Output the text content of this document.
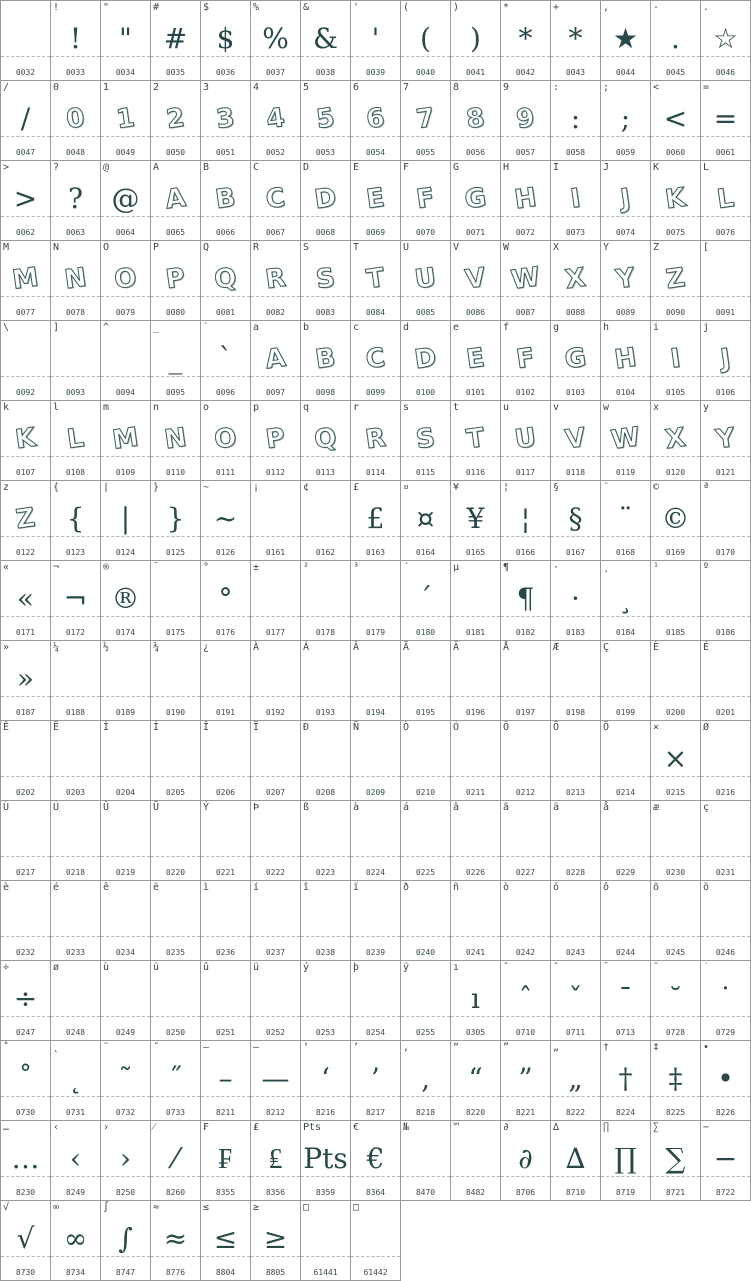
0032
!
!
0033
"
"
0034
#
#
0035
$
$
0036
%
%
0037
&
&
0038
'
'
0039
(
(
0040
)
)
0041
*
*
0042
+
*
0043
,
★
0044
-
.
0045
.
☆
0046
/
/
0047
0
0
0048
1
1
0049
2
2
0050
3
3
0051
4
4
0052
5
5
0053
6
6
0054
7
7
0055
8
8
0056
9
9
0057
:
:
0058
;
;
0059
<
<
0060
=
=
0061
>
>
0062
?
?
0063
@
@
0064
A
A
0065
B
B
0066
C
C
0067
D
D
0068
E
E
0069
F
F
0070
G
G
0071
H
H
0072
I
I
0073
J
J
0074
K
K
0075
L
L
0076
M
M
0077
N
N
0078
O
O
0079
P
P
0080
Q
Q
0081
R
R
0082
S
S
0083
T
T
0084
U
U
0085
V
V
0086
W
W
0087
X
X
0088
Y
Y
0089
Z
Z
0090
[
0091
\
0092
]
0093
^
0094
_
_
0095
`
`
0096
a
A
0097
b
B
0098
c
C
0099
d
D
0100
e
E
0101
f
F
0102
g
G
0103
h
H
0104
i
I
0105
j
J
0106
k
K
0107
l
L
0108
m
M
0109
n
N
0110
o
O
0111
p
P
0112
q
Q
0113
r
R
0114
s
S
0115
t
T
0116
u
U
0117
v
V
0118
w
W
0119
x
X
0120
y
Y
0121
z
Z
0122
{
{
0123
|
|
0124
}
}
0125
~
~
0126
¡
0161
¢
0162
£
£
0163
¤
¤
0164
¥
¥
0165
¦
¦
0166
§
§
0167
¨
¨
0168
©
©
0169
ª
0170
«
«
0171
¬
¬
0172
®
®
0174
¯
0175
°
°
0176
±
0177
²
0178
³
0179
´
´
0180
µ
0181
¶
¶
0182
·
·
0183
¸
¸
0184
¹
0185
º
0186
»
»
0187
¼
0188
½
0189
¾
0190
¿
0191
À
0192
Á
0193
Â
0194
Ã
0195
Ä
0196
Å
0197
Æ
0198
Ç
0199
È
0200
É
0201
Ê
0202
Ë
0203
Ì
0204
Í
0205
Î
0206
Ï
0207
Ð
0208
Ñ
0209
Ò
0210
Ó
0211
Ô
0212
Õ
0213
Ö
0214
×
×
0215
Ø
0216
Ù
0217
Ú
0218
Û
0219
Ü
0220
Ý
0221
Þ
0222
ß
0223
à
0224
á
0225
â
0226
ã
0227
ä
0228
å
0229
æ
0230
ç
0231
è
0232
é
0233
ê
0234
ë
0235
ì
0236
í
0237
î
0238
ï
0239
ð
0240
ñ
0241
ò
0242
ó
0243
ô
0244
õ
0245
ö
0246
÷
÷
0247
ø
0248
ù
0249
ú
0250
û
0251
ü
0252
ý
0253
þ
0254
ÿ
0255
ı
ı
0305
ˆ
ˆ
0710
ˇ
ˇ
0711
ˉ
ˉ
0713
˘
˘
0728
˙
˙
0729
˚
˚
0730
˛
˛
0731
˜
˜
0732
˝
˝
0733
–
–
8211
—
—
8212
‘
‘
8216
’
’
8217
‚
‚
8218
“
“
8220
”
”
8221
„
„
8222
†
†
8224
‡
‡
8225
•
•
8226
…
…
8230
‹
‹
8249
›
›
8250
⁄
⁄
8260
₣
₣
8355
₤
₤
8356
Pts
Pts
8359
€
€
8364
№
8470
™
8482
∂
∂
8706
∆
∆
8710
∏
∏
8719
∑
∑
8721
−
−
8722
√
√
8730
∞
∞
8734
∫
∫
8747
≈
≈
8776
≤
≤
8804
≥
≥
8805
□
61441
□
61442
